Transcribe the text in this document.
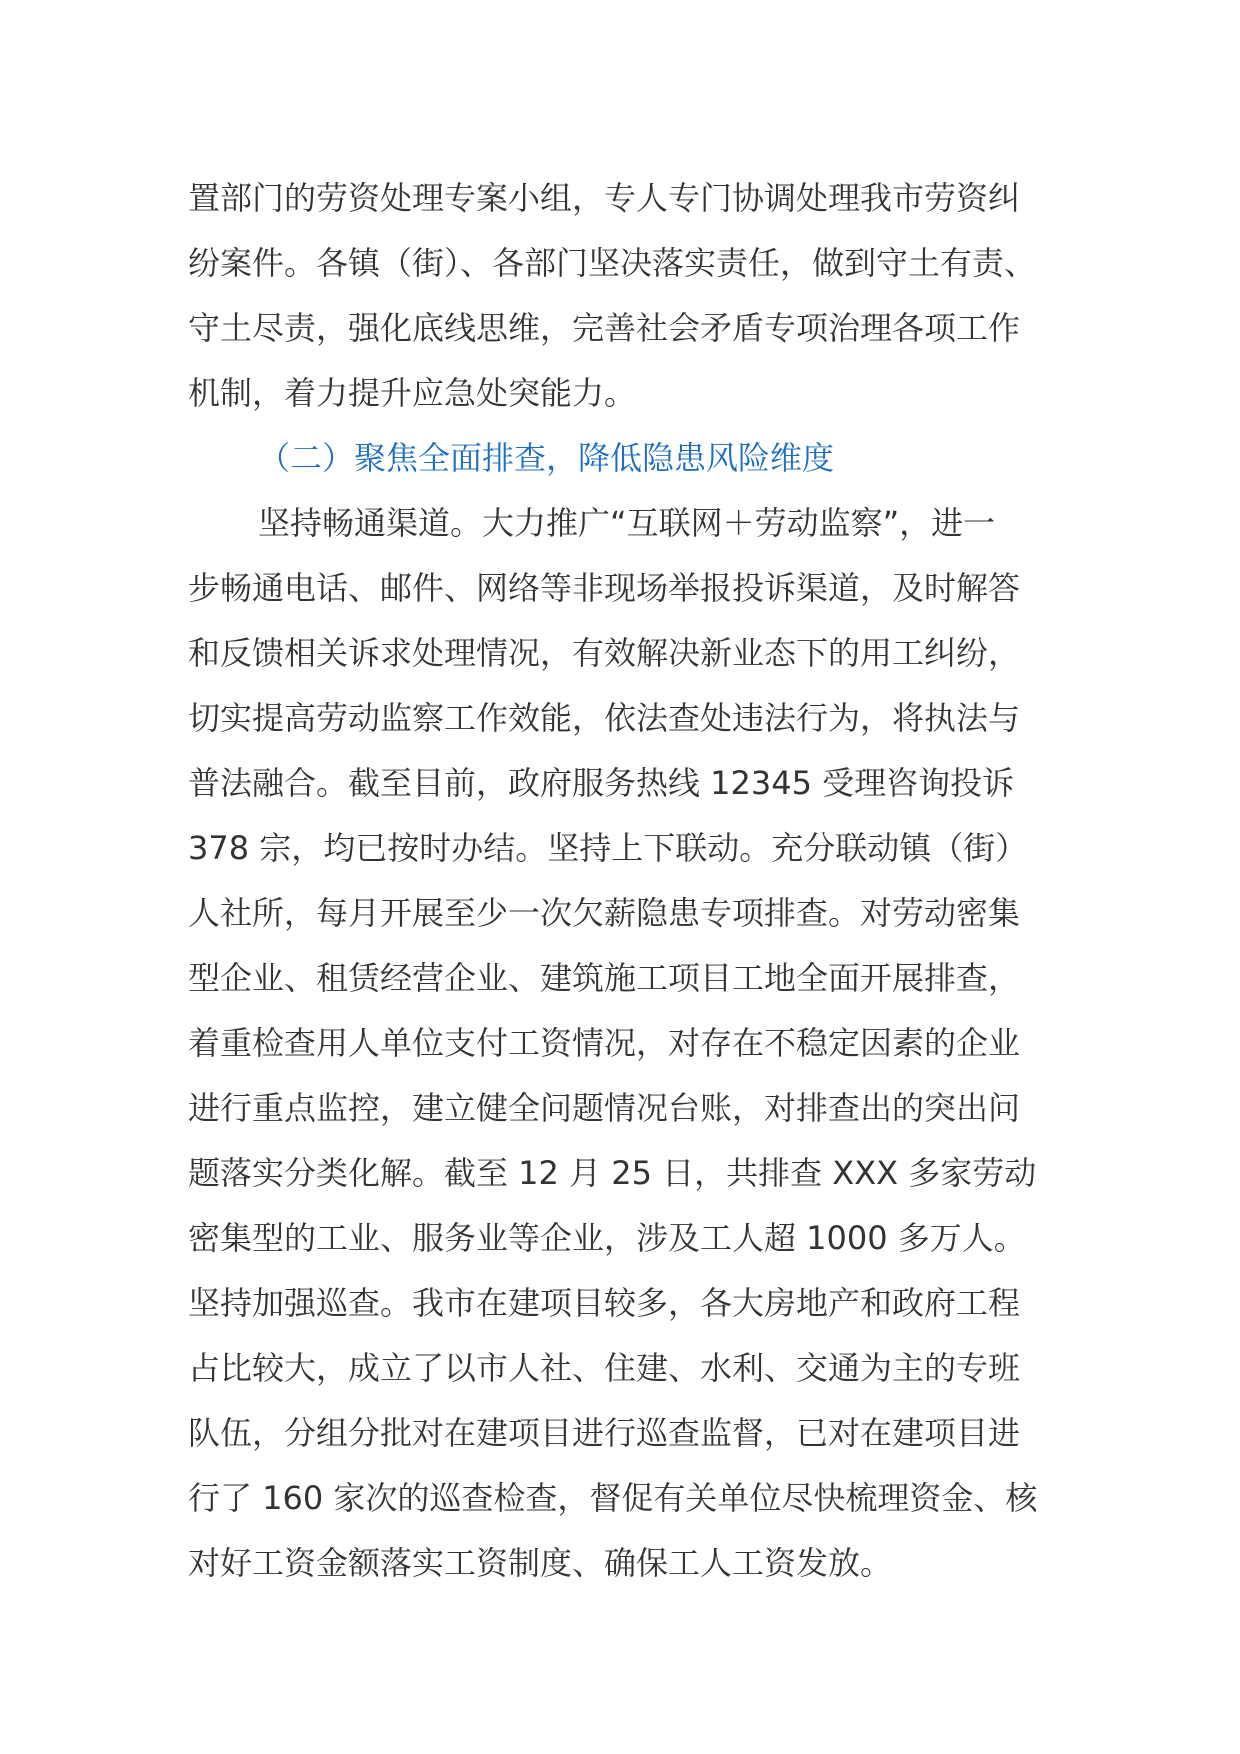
置部门的劳资处理专案小组，专人专门协调处理我市劳资纠
纷案件。各镇（街）、各部门坚决落实责任，做到守土有责、
守土尽责，强化底线思维，完善社会矛盾专项治理各项工作
机制，着力提升应急处突能力。
（二）聚焦全面排查，降低隐患风险维度
坚持畅通渠道。大力推广“互联网＋劳动监察”，进一
步畅通电话、邮件、网络等非现场举报投诉渠道，及时解答
和反馈相关诉求处理情况，有效解决新业态下的用工纠纷，
切实提高劳动监察工作效能，依法查处违法行为，将执法与
普法融合。截至目前，政府服务热线 12345 受理咨询投诉
378 宗，均已按时办结。坚持上下联动。充分联动镇（街）
人社所，每月开展至少一次欠薪隐患专项排查。对劳动密集
型企业、租赁经营企业、建筑施工项目工地全面开展排查，
着重检查用人单位支付工资情况，对存在不稳定因素的企业
进行重点监控，建立健全问题情况台账，对排查出的突出问
题落实分类化解。截至 12 月 25 日，共排查 XXX 多家劳动
密集型的工业、服务业等企业，涉及工人超 1000 多万人。
坚持加强巡查。我市在建项目较多，各大房地产和政府工程
占比较大，成立了以市人社、住建、水利、交通为主的专班
队伍，分组分批对在建项目进行巡查监督，已对在建项目进
行了 160 家次的巡查检查，督促有关单位尽快梳理资金、核
对好工资金额落实工资制度、确保工人工资发放。
